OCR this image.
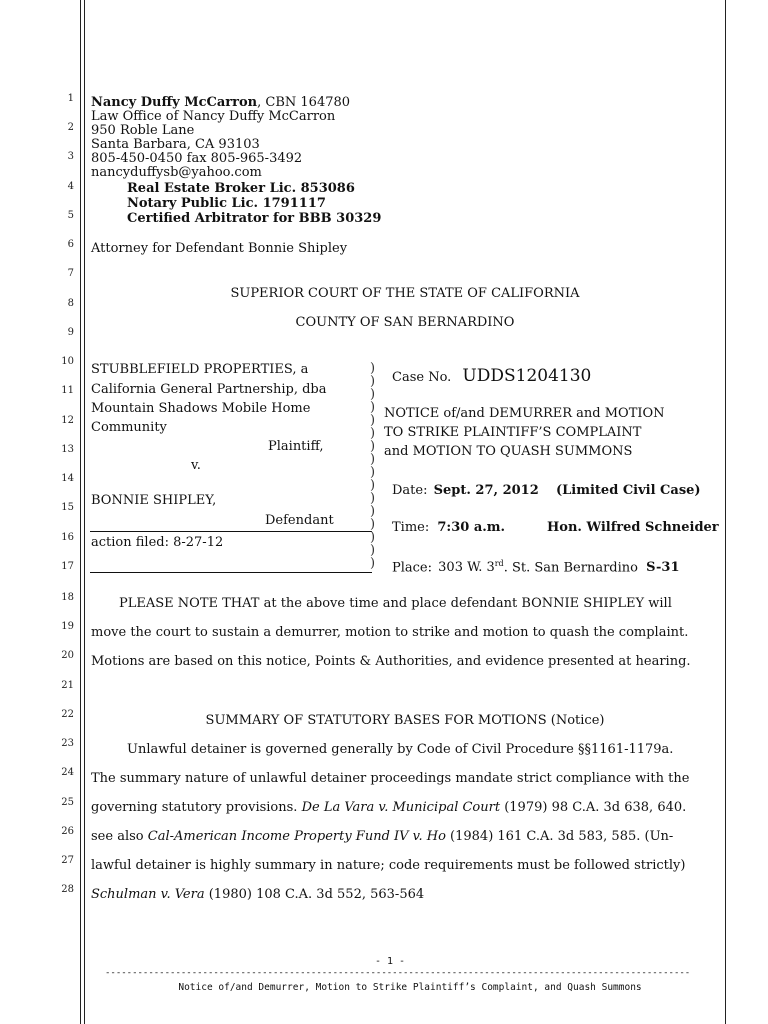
1
2
3
4
5
6
7
8
9
10
11
12
13
14
15
16
17
18
19
20
21
22
23
24
25
26
27
28
Nancy Duffy McCarron, CBN 164780
Law Office of Nancy Duffy McCarron
950 Roble Lane
Santa Barbara, CA 93103
805-450-0450 fax 805-965-3492
nancyduffysb@yahoo.com
Real Estate Broker Lic. 853086
Notary Public Lic. 1791117
Certified Arbitrator for BBB 30329
Attorney for Defendant Bonnie Shipley
SUPERIOR COURT OF THE STATE OF CALIFORNIA
COUNTY OF SAN BERNARDINO
STUBBLEFIELD PROPERTIES, a
California General Partnership, dba
Mountain Shadows Mobile Home
Community
Plaintiff,
v.
BONNIE SHIPLEY,
Defendant
action filed: 8-27-12
)
)
)
)
)
)
)
)
)
)
)
)
)
)
)
)
Case No. UDDS1204130
NOTICE of/and DEMURRER and MOTION
TO STRIKE PLAINTIFF’S COMPLAINT
and MOTION TO QUASH SUMMONS
Date: Sept. 27, 2012 (Limited Civil Case)
Time: 7:30 a.m.	Hon. Wilfred Schneider
Place: 303 W. 3rd. St. San Bernardino S-31
PLEASE NOTE THAT at the above time and place defendant BONNIE SHIPLEY will
move the court to sustain a demurrer, motion to strike and motion to quash the complaint.
Motions are based on this notice, Points & Authorities, and evidence presented at hearing.
SUMMARY OF STATUTORY BASES FOR MOTIONS (Notice)
Unlawful detainer is governed generally by Code of Civil Procedure §§1161-1179a.
The summary nature of unlawful detainer proceedings mandate strict compliance with the
governing statutory provisions. De La Vara v. Municipal Court (1979) 98 C.A. 3d 638, 640.
see also Cal-American Income Property Fund IV v. Ho (1984) 161 C.A. 3d 583, 585. (Un-
lawful detainer is highly summary in nature; code requirements must be followed strictly)
Schulman v. Vera (1980) 108 C.A. 3d 552, 563-564
- 1 -
------------------------------------------------------------------------------------------------------------
Notice of/and Demurrer, Motion to Strike Plaintiff’s Complaint, and Quash Summons
